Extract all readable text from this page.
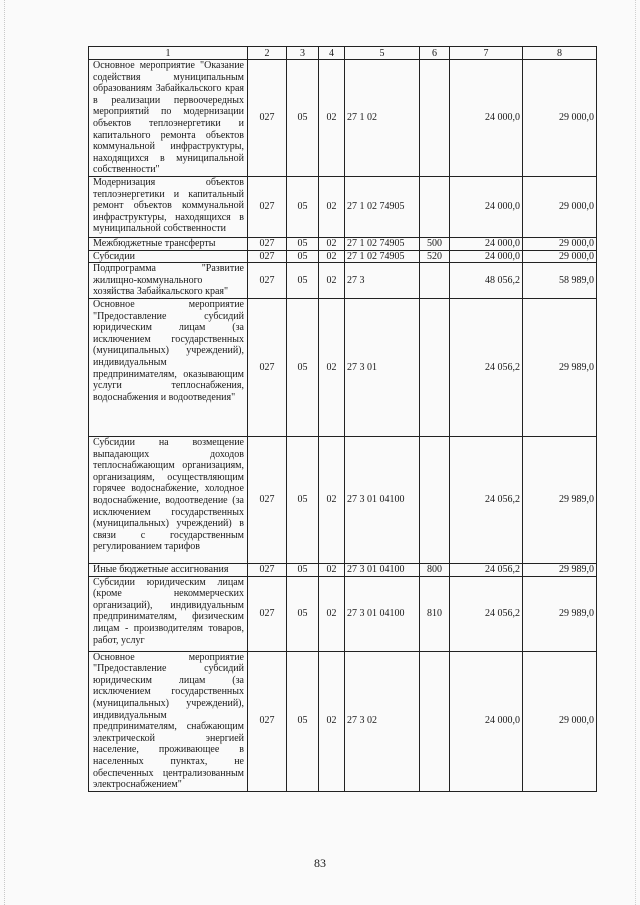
1	2	3	4	5	6	7	8
Основное мероприятие "Оказание содействия муниципальным образованиям Забайкальского края в реализации первоочередных мероприятий по модернизации объектов теплоэнергетики и капитального ремонта объектов коммунальной инфраструктуры, находящихся в муниципальной собственности"	027	05	02	27 1 02		24 000,0	29 000,0
Модернизация объектов теплоэнергетики и капитальный ремонт объектов коммунальной инфраструктуры, находящихся в муниципальной собственности	027	05	02	27 1 02 74905		24 000,0	29 000,0
Межбюджетные трансферты	027	05	02	27 1 02 74905	500	24 000,0	29 000,0
Субсидии	027	05	02	27 1 02 74905	520	24 000,0	29 000,0
Подпрограмма "Развитие жилищно-коммунального хозяйства Забайкальского края"	027	05	02	27 3		48 056,2	58 989,0
Основное мероприятие "Предоставление субсидий юридическим лицам (за исключением государственных (муниципальных) учреждений), индивидуальным предпринимателям, оказывающим услуги теплоснабжения, водоснабжения и водоотведения"	027	05	02	27 3 01		24 056,2	29 989,0
Субсидии на возмещение выпадающих доходов теплоснабжающим организациям, организациям, осуществляющим горячее водоснабжение, холодное водоснабжение, водоотведение (за исключением государственных (муниципальных) учреждений) в связи с государственным регулированием тарифов	027	05	02	27 3 01 04100		24 056,2	29 989,0
Иные бюджетные ассигнования	027	05	02	27 3 01 04100	800	24 056,2	29 989,0
Субсидии юридическим лицам (кроме некоммерческих организаций), индивидуальным предпринимателям, физическим лицам - производителям товаров, работ, услуг	027	05	02	27 3 01 04100	810	24 056,2	29 989,0
Основное мероприятие "Предоставление субсидий юридическим лицам (за исключением государственных (муниципальных) учреждений), индивидуальным предпринимателям, снабжающим электрической энергией население, проживающее в населенных пунктах, не обеспеченных централизованным электроснабжением"	027	05	02	27 3 02		24 000,0	29 000,0
83
